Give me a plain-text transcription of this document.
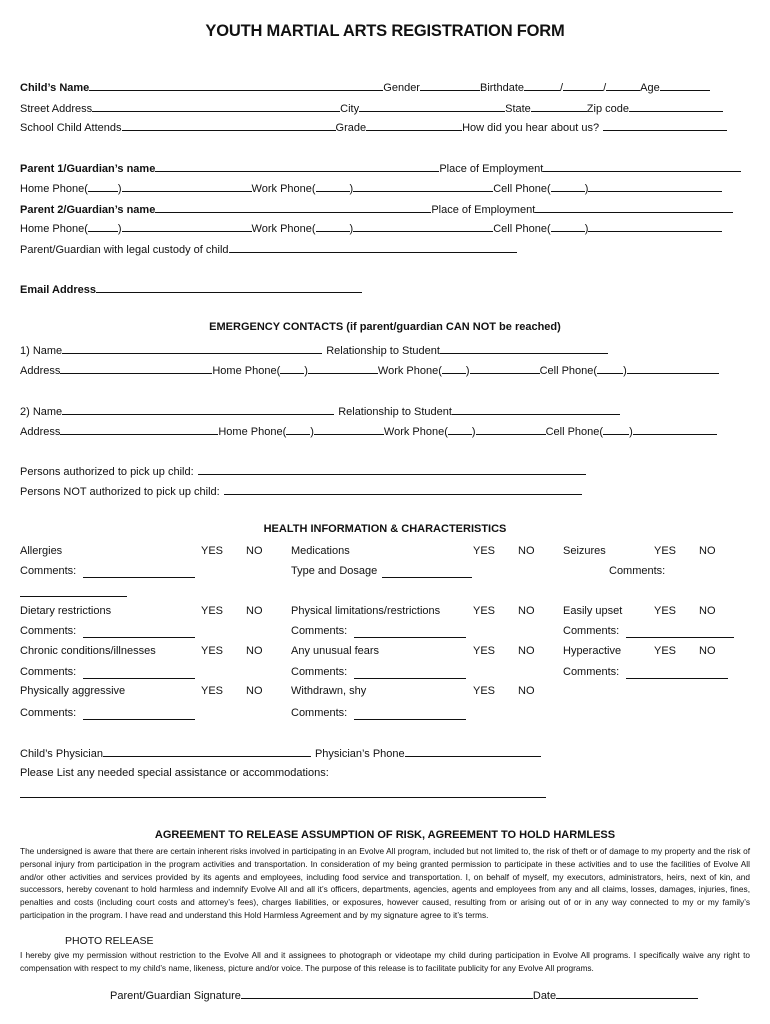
YOUTH MARTIAL ARTS REGISTRATION FORM
Child’s Name	Gender	Birthdate	/	/	Age
Street Address	City	State	Zip code
School Child Attends	Grade	How did you hear about us?
Parent 1/Guardian’s name	Place of Employment
Home Phone(	)	Work Phone(	)	Cell Phone(	)
Parent 2/Guardian’s name	Place of Employment
Home Phone(	)	Work Phone(	)	Cell Phone(	)
Parent/Guardian with legal custody of child
Email Address
EMERGENCY CONTACTS (if parent/guardian CAN NOT be reached)
1) Name	Relationship to Student
Address	Home Phone( )	Work Phone( )	Cell Phone( )
2) Name	Relationship to Student
Address	Home Phone( )	Work Phone( )	Cell Phone( )
Persons authorized to pick up child:
Persons NOT authorized to pick up child:
HEALTH INFORMATION & CHARACTERISTICS
Allergies	YES NO	Medications	YES NO	Seizures	YES NO
Comments:	Type and Dosage	Comments:
Dietary restrictions	YES NO	Physical limitations/restrictions	YES NO	Easily upset	YES NO
Comments:	Comments:	Comments:
Chronic conditions/illnesses	YES NO	Any unusual fears	YES NO	Hyperactive	YES NO
Comments:	Comments:	Comments:
Physically aggressive	YES NO	Withdrawn, shy	YES NO
Comments:	Comments:
Child’s Physician	Physician’s Phone
Please List any needed special assistance or accommodations:
AGREEMENT TO RELEASE ASSUMPTION OF RISK, AGREEMENT TO HOLD HARMLESS
The undersigned is aware that there are certain inherent risks involved in participating in an Evolve All program, included but not limited to, the risk of theft or of damage to my property and the risk of personal injury from participation in the program activities and transportation. In consideration of my being granted permission to participate in these activities and to use the facilities of Evolve All and/or other activities and services provided by its agents and employees, including food service and transportation. I, on behalf of myself, my executors, administrators, heirs, next of kin, and successors, hereby covenant to hold harmless and indemnify Evolve All and all it’s officers, departments, agencies, agents and employees from any and all claims, losses, damages, injuries, fines, penalties and costs (including court costs and attorney’s fees), charges liabilities, or exposures, however caused, resulting from or arising out of or in any way connected to my or my family’s participation in the program. I have read and understand this Hold Harmless Agreement and by my signature agree to it’s terms.
PHOTO RELEASE
I hereby give my permission without restriction to the Evolve All and it assignees to photograph or videotape my child during participation in Evolve All programs. I specifically waive any right to compensation with respect to my child’s name, likeness, picture and/or voice. The purpose of this release is to facilitate publicity for any Evolve All programs.
Parent/Guardian Signature	Date
